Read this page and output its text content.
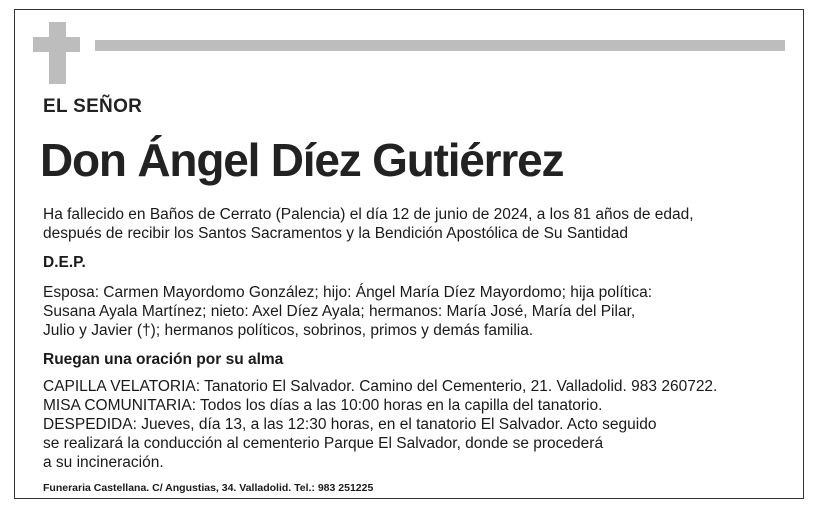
EL SEÑOR
Don Ángel Díez Gutiérrez
Ha fallecido en Baños de Cerrato (Palencia) el día 12 de junio de 2024, a los 81 años de edad,
después de recibir los Santos Sacramentos y la Bendición Apostólica de Su Santidad
D.E.P.
Esposa: Carmen Mayordomo González; hijo: Ángel María Díez Mayordomo; hija política:
Susana Ayala Martínez; nieto: Axel Díez Ayala; hermanos: María José, María del Pilar,
Julio y Javier (†); hermanos políticos, sobrinos, primos y demás familia.
Ruegan una oración por su alma
CAPILLA VELATORIA: Tanatorio El Salvador. Camino del Cementerio, 21. Valladolid. 983 260722.
MISA COMUNITARIA: Todos los días a las 10:00 horas en la capilla del tanatorio.
DESPEDIDA: Jueves, día 13, a las 12:30 horas, en el tanatorio El Salvador. Acto seguido
se realizará la conducción al cementerio Parque El Salvador, donde se procederá
a su incineración.
Funeraria Castellana. C/ Angustias, 34. Valladolid. Tel.: 983 251225
